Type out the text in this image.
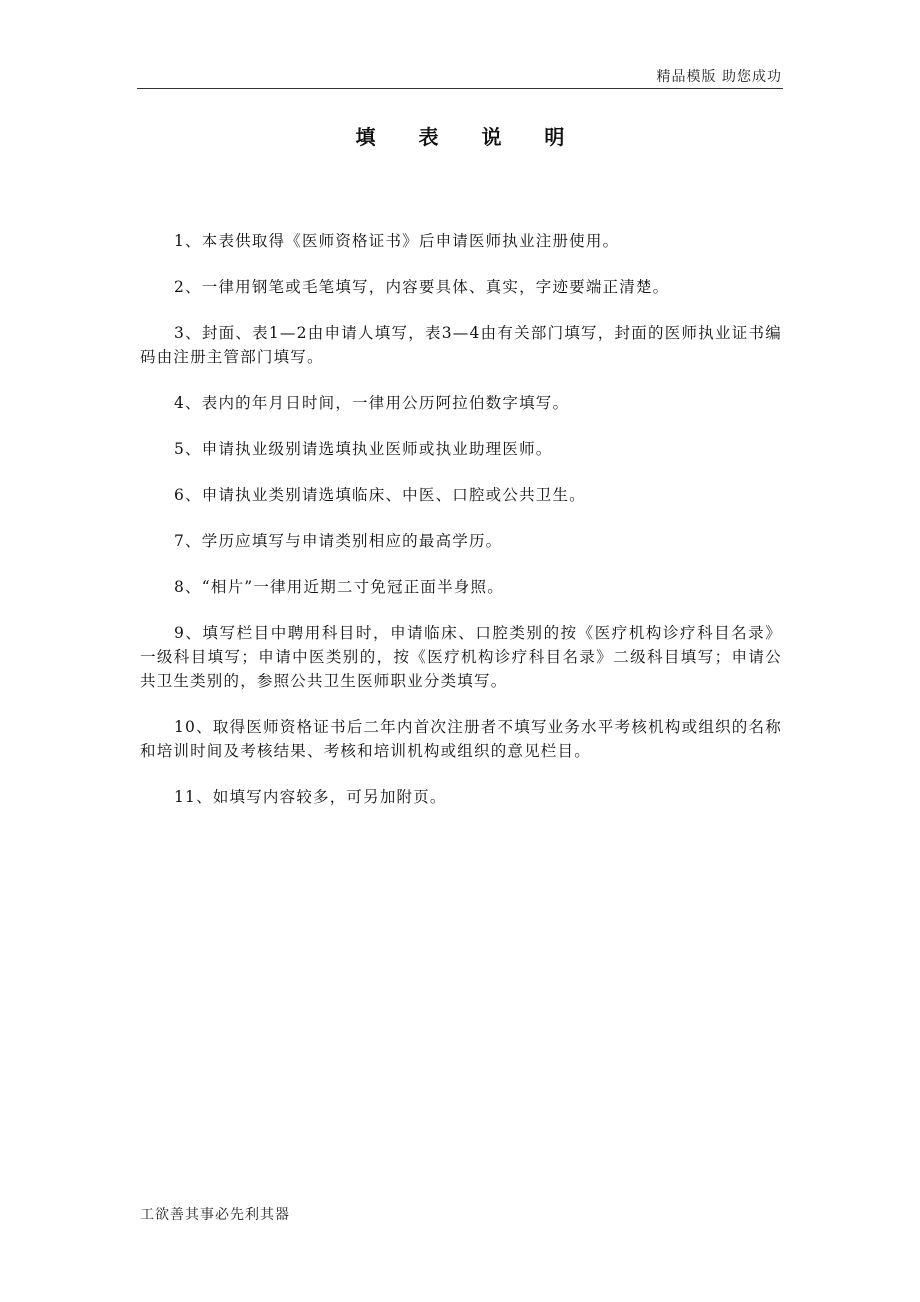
精品模版 助您成功
填 表 说 明

1、本表供取得《医师资格证书》后申请医师执业注册使用。

2、一律用钢笔或毛笔填写，内容要具体、真实，字迹要端正清楚。

3、封面、表1—2由申请人填写，表3—4由有关部门填写，封面的医师执业证书编码由注册主管部门填写。

4、表内的年月日时间，一律用公历阿拉伯数字填写。

5、申请执业级别请选填执业医师或执业助理医师。

6、申请执业类别请选填临床、中医、口腔或公共卫生。

7、学历应填写与申请类别相应的最高学历。

8、“相片”一律用近期二寸免冠正面半身照。

9、填写栏目中聘用科目时，申请临床、口腔类别的按《医疗机构诊疗科目名录》一级科目填写；申请中医类别的，按《医疗机构诊疗科目名录》二级科目填写；申请公共卫生类别的，参照公共卫生医师职业分类填写。

10、取得医师资格证书后二年内首次注册者不填写业务水平考核机构或组织的名称和培训时间及考核结果、考核和培训机构或组织的意见栏目。

11、如填写内容较多，可另加附页。

工欲善其事必先利其器
